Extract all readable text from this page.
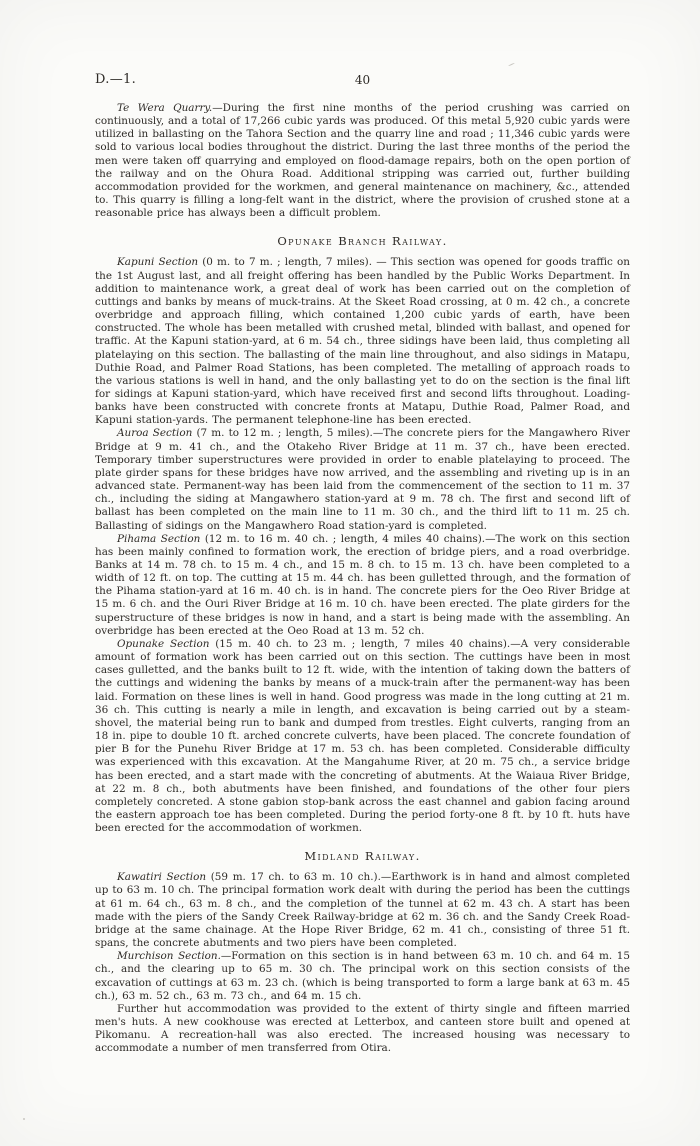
D.—1.	40

Te Wera Quarry.—During the first nine months of the period crushing was carried on continuously, and a total of 17,266 cubic yards was produced. Of this metal 5,920 cubic yards were utilized in ballasting on the Tahora Section and the quarry line and road ; 11,346 cubic yards were sold to various local bodies throughout the district. During the last three months of the period the men were taken off quarrying and employed on flood-damage repairs, both on the open portion of the railway and on the Ohura Road. Additional stripping was carried out, further building accommodation provided for the workmen, and general maintenance on machinery, &c., attended to. This quarry is filling a long-felt want in the district, where the provision of crushed stone at a reasonable price has always been a difficult problem.

Opunake Branch Railway.

Kapuni Section (0 m. to 7 m. ; length, 7 miles). — This section was opened for goods traffic on the 1st August last, and all freight offering has been handled by the Public Works Department. In addition to maintenance work, a great deal of work has been carried out on the completion of cuttings and banks by means of muck-trains. At the Skeet Road crossing, at 0 m. 42 ch., a concrete overbridge and approach filling, which contained 1,200 cubic yards of earth, have been constructed. The whole has been metalled with crushed metal, blinded with ballast, and opened for traffic. At the Kapuni station-yard, at 6 m. 54 ch., three sidings have been laid, thus completing all platelaying on this section. The ballasting of the main line throughout, and also sidings in Matapu, Duthie Road, and Palmer Road Stations, has been completed. The metalling of approach roads to the various stations is well in hand, and the only ballasting yet to do on the section is the final lift for sidings at Kapuni station-yard, which have received first and second lifts throughout. Loading-banks have been constructed with concrete fronts at Matapu, Duthie Road, Palmer Road, and Kapuni station-yards. The permanent telephone-line has been erected.

Auroa Section (7 m. to 12 m. ; length, 5 miles).—The concrete piers for the Mangawhero River Bridge at 9 m. 41 ch., and the Otakeho River Bridge at 11 m. 37 ch., have been erected. Temporary timber superstructures were provided in order to enable platelaying to proceed. The plate girder spans for these bridges have now arrived, and the assembling and riveting up is in an advanced state. Permanent-way has been laid from the commencement of the section to 11 m. 37 ch., including the siding at Mangawhero station-yard at 9 m. 78 ch. The first and second lift of ballast has been completed on the main line to 11 m. 30 ch., and the third lift to 11 m. 25 ch. Ballasting of sidings on the Mangawhero Road station-yard is completed.

Pihama Section (12 m. to 16 m. 40 ch. ; length, 4 miles 40 chains).—The work on this section has been mainly confined to formation work, the erection of bridge piers, and a road overbridge. Banks at 14 m. 78 ch. to 15 m. 4 ch., and 15 m. 8 ch. to 15 m. 13 ch. have been completed to a width of 12 ft. on top. The cutting at 15 m. 44 ch. has been gulletted through, and the formation of the Pihama station-yard at 16 m. 40 ch. is in hand. The concrete piers for the Oeo River Bridge at 15 m. 6 ch. and the Ouri River Bridge at 16 m. 10 ch. have been erected. The plate girders for the superstructure of these bridges is now in hand, and a start is being made with the assembling. An overbridge has been erected at the Oeo Road at 13 m. 52 ch.

Opunake Section (15 m. 40 ch. to 23 m. ; length, 7 miles 40 chains).—A very considerable amount of formation work has been carried out on this section. The cuttings have been in most cases gulletted, and the banks built to 12 ft. wide, with the intention of taking down the batters of the cuttings and widening the banks by means of a muck-train after the permanent-way has been laid. Formation on these lines is well in hand. Good progress was made in the long cutting at 21 m. 36 ch. This cutting is nearly a mile in length, and excavation is being carried out by a steam-shovel, the material being run to bank and dumped from trestles. Eight culverts, ranging from an 18 in. pipe to double 10 ft. arched concrete culverts, have been placed. The concrete foundation of pier B for the Punehu River Bridge at 17 m. 53 ch. has been completed. Considerable difficulty was experienced with this excavation. At the Mangahume River, at 20 m. 75 ch., a service bridge has been erected, and a start made with the concreting of abutments. At the Waiaua River Bridge, at 22 m. 8 ch., both abutments have been finished, and foundations of the other four piers completely concreted. A stone gabion stop-bank across the east channel and gabion facing around the eastern approach toe has been completed. During the period forty-one 8 ft. by 10 ft. huts have been erected for the accommodation of workmen.

Midland Railway.

Kawatiri Section (59 m. 17 ch. to 63 m. 10 ch.).—Earthwork is in hand and almost completed up to 63 m. 10 ch. The principal formation work dealt with during the period has been the cuttings at 61 m. 64 ch., 63 m. 8 ch., and the completion of the tunnel at 62 m. 43 ch. A start has been made with the piers of the Sandy Creek Railway-bridge at 62 m. 36 ch. and the Sandy Creek Road-bridge at the same chainage. At the Hope River Bridge, 62 m. 41 ch., consisting of three 51 ft. spans, the concrete abutments and two piers have been completed.

Murchison Section.—Formation on this section is in hand between 63 m. 10 ch. and 64 m. 15 ch., and the clearing up to 65 m. 30 ch. The principal work on this section consists of the excavation of cuttings at 63 m. 23 ch. (which is being transported to form a large bank at 63 m. 45 ch.), 63 m. 52 ch., 63 m. 73 ch., and 64 m. 15 ch.

Further hut accommodation was provided to the extent of thirty single and fifteen married men's huts. A new cookhouse was erected at Letterbox, and canteen store built and opened at Pikomanu. A recreation-hall was also erected. The increased housing was necessary to accommodate a number of men transferred from Otira.
